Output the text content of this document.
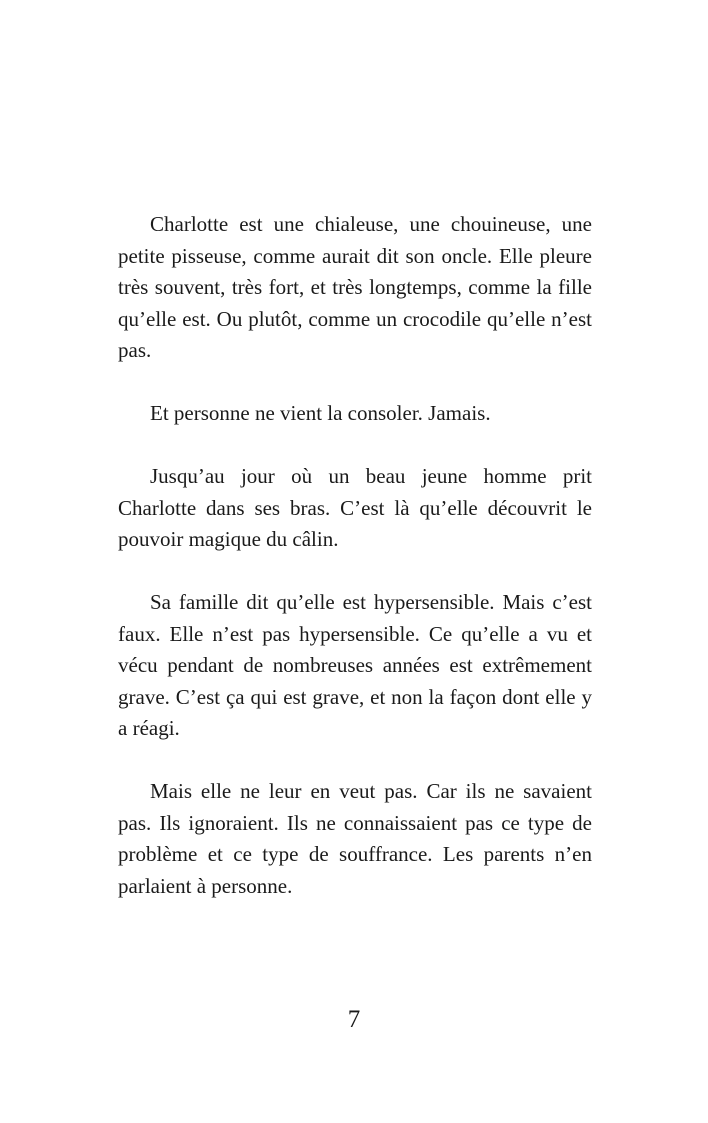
Charlotte est une chialeuse, une chouineuse, une petite pisseuse, comme aurait dit son oncle. Elle pleure très souvent, très fort, et très longtemps, comme la fille qu’elle est. Ou plutôt, comme un crocodile qu’elle n’est pas.

Et personne ne vient la consoler. Jamais.

Jusqu’au jour où un beau jeune homme prit Charlotte dans ses bras. C’est là qu’elle découvrit le pouvoir magique du câlin.

Sa famille dit qu’elle est hypersensible. Mais c’est faux. Elle n’est pas hypersensible. Ce qu’elle a vu et vécu pendant de nombreuses années est extrêmement grave. C’est ça qui est grave, et non la façon dont elle y a réagi.

Mais elle ne leur en veut pas. Car ils ne savaient pas. Ils ignoraient. Ils ne connaissaient pas ce type de problème et ce type de souffrance. Les parents n’en parlaient à personne.

7
